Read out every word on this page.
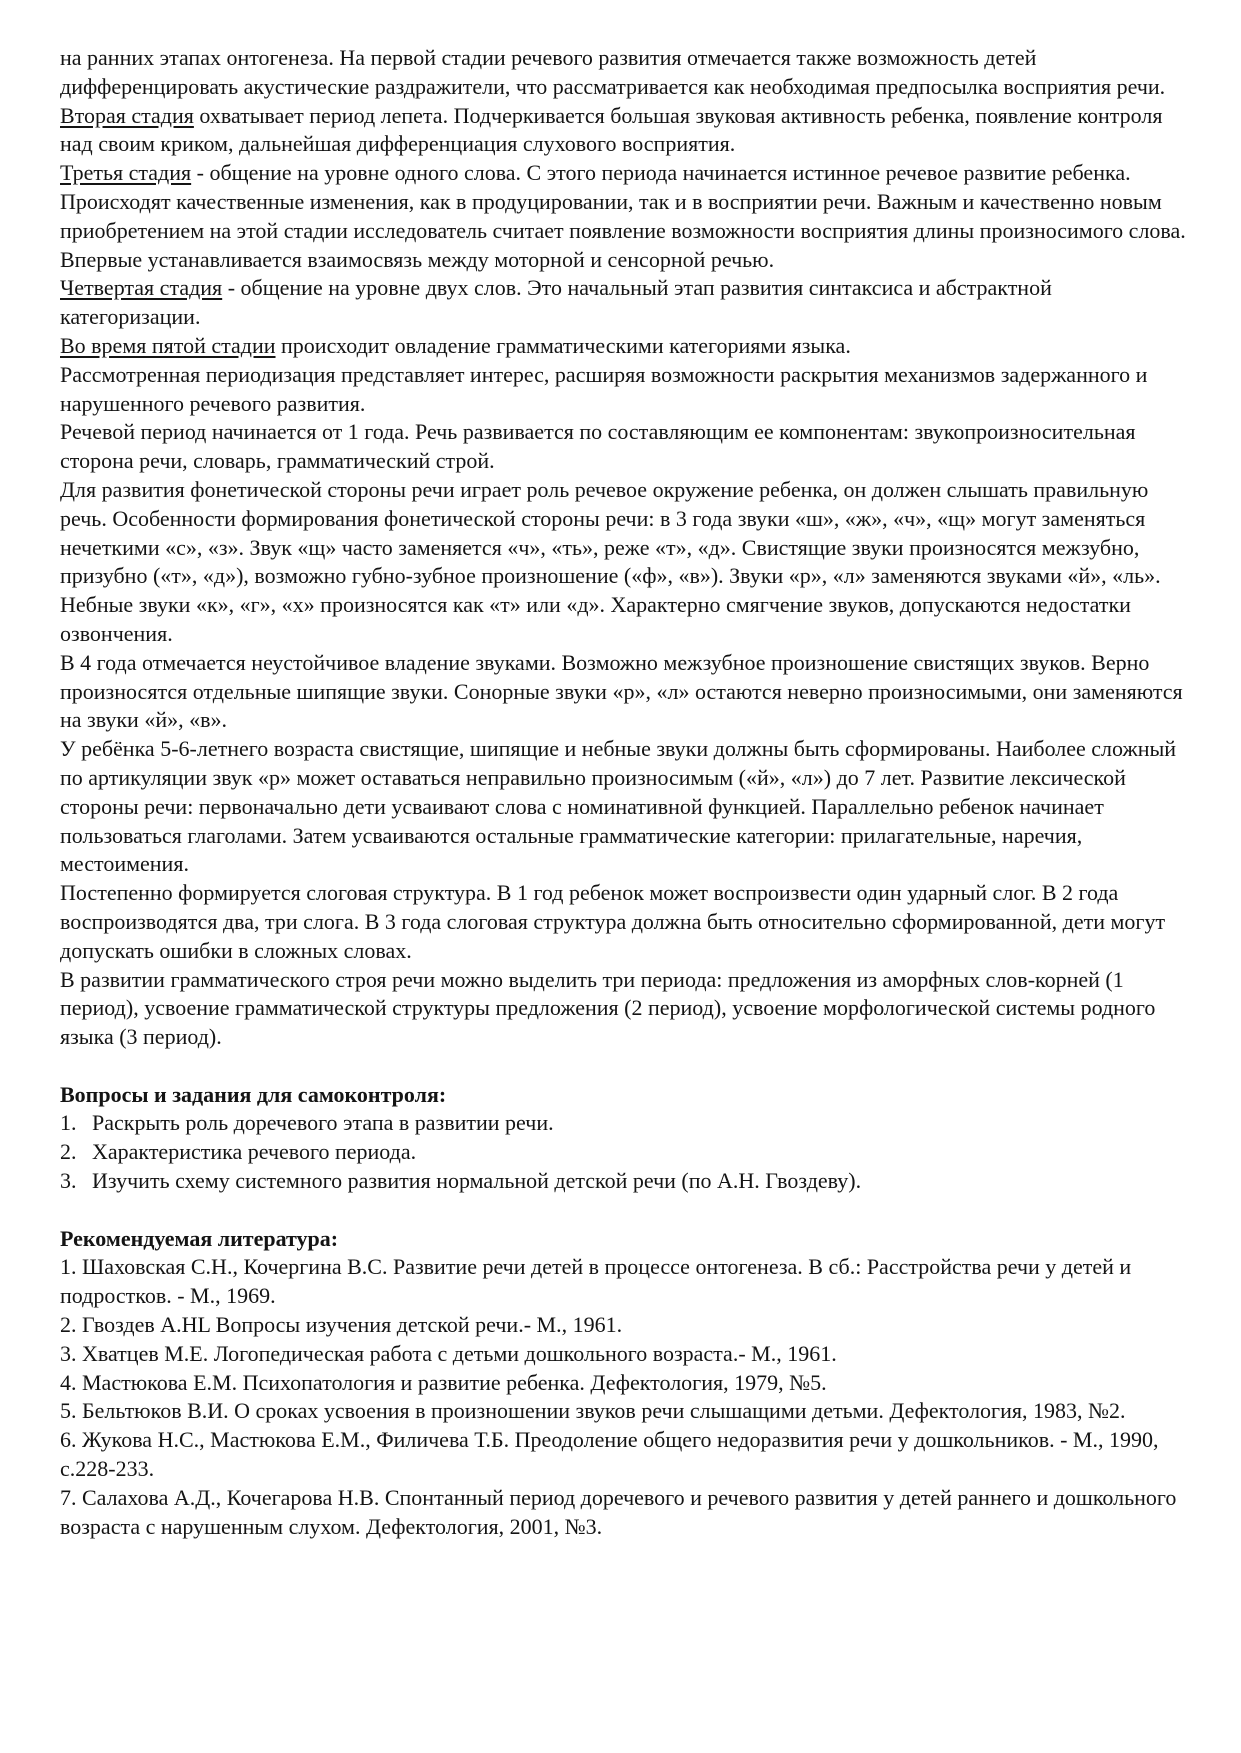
на ранних этапах онтогенеза. На первой стадии речевого развития отмечается также возможность детей дифференцировать акустические раздражители, что рассматривается как необходимая предпосылка восприятия речи.

Вторая стадия охватывает период лепета. Подчеркивается большая звуковая активность ребенка, появление контроля над своим криком, дальнейшая дифференциация слухового восприятия.

Третья стадия - общение на уровне одного слова. С этого периода начинается истинное речевое развитие ребенка. Происходят качественные изменения, как в продуцировании, так и в восприятии речи. Важным и качественно новым приобретением на этой стадии исследователь считает появление возможности восприятия длины произносимого слова. Впервые устанавливается взаимосвязь между моторной и сенсорной речью.

Четвертая стадия - общение на уровне двух слов. Это начальный этап развития синтаксиса и абстрактной категоризации.

Во время пятой стадии происходит овладение грамматическими категориями языка.

Рассмотренная периодизация представляет интерес, расширяя возможности раскрытия механизмов задержанного и нарушенного речевого развития.

Речевой период начинается от 1 года. Речь развивается по составляющим ее компонентам: звукопроизносительная сторона речи, словарь, грамматический строй.

Для развития фонетической стороны речи играет роль речевое окружение ребенка, он должен слышать правильную речь. Особенности формирования фонетической стороны речи: в 3 года звуки «ш», «ж», «ч», «щ» могут заменяться нечеткими «с», «з». Звук «щ» часто заменяется «ч», «ть», реже «т», «д». Свистящие звуки произносятся межзубно, призубно («т», «д»), возможно губно-зубное произношение («ф», «в»). Звуки «р», «л» заменяются звуками «й», «ль». Небные звуки «к», «г», «х» произносятся как «т» или «д». Характерно смягчение звуков, допускаются недостатки озвончения.

В 4 года отмечается неустойчивое владение звуками. Возможно межзубное произношение свистящих звуков. Верно произносятся отдельные шипящие звуки. Сонорные звуки «р», «л» остаются неверно произносимыми, они заменяются на звуки «й», «в».

У ребёнка 5-6-летнего возраста свистящие, шипящие и небные звуки должны быть сформированы. Наиболее сложный по артикуляции звук «р» может оставаться неправильно произносимым («й», «л») до 7 лет. Развитие лексической стороны речи: первоначально дети усваивают слова с номинативной функцией. Параллельно ребенок начинает пользоваться глаголами. Затем усваиваются остальные грамматические категории: прилагательные, наречия, местоимения.

Постепенно формируется слоговая структура. В 1 год ребенок может воспроизвести один ударный слог. В 2 года воспроизводятся два, три слога. В 3 года слоговая структура должна быть относительно сформированной, дети могут допускать ошибки в сложных словах.

В развитии грамматического строя речи можно выделить три периода: предложения из аморфных слов-корней (1 период), усвоение грамматической структуры предложения (2 период), усвоение морфологической системы родного языка (3 период).

Вопросы и задания для самоконтроля:

1. Раскрыть роль доречевого этапа в развитии речи.
2. Характеристика речевого периода.
3. Изучить схему системного развития нормальной детской речи (по А.Н. Гвоздеву).

Рекомендуемая литература:

1. Шаховская С.Н., Кочергина В.С. Развитие речи детей в процессе онтогенеза. В сб.: Расстройства речи у детей и подростков. - М., 1969.

2. Гвоздев А.HL Вопросы изучения детской речи.- М., 1961.

3. Хватцев М.Е. Логопедическая работа с детьми дошкольного возраста.- М., 1961.

4. Мастюкова Е.М. Психопатология и развитие ребенка. Дефектология, 1979, №5.

5. Бельтюков В.И. О сроках усвоения в произношении звуков речи слышащими детьми. Дефектология, 1983, №2.

6. Жукова Н.С., Мастюкова Е.М., Филичева Т.Б. Преодоление общего недоразвития речи у дошкольников. - М., 1990, с.228-233.

7. Салахова А.Д., Кочегарова Н.В. Спонтанный период доречевого и речевого развития у детей раннего и дошкольного возраста с нарушенным слухом. Дефектология, 2001, №3.
